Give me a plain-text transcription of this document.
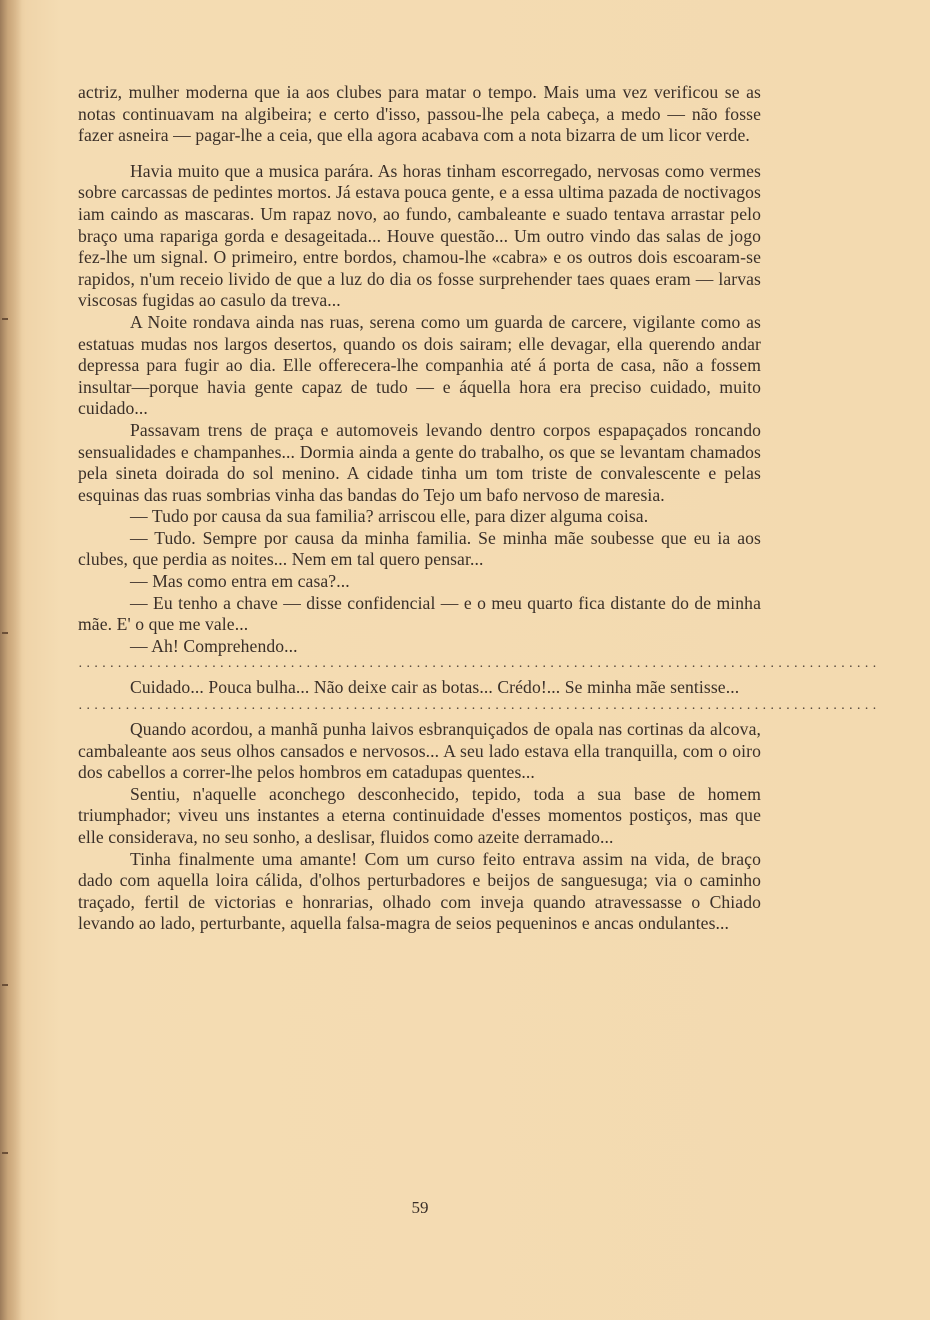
actriz, mulher moderna que ia aos clubes para matar o tempo. Mais uma vez verificou se as notas continuavam na algibeira; e certo d'isso, passou-lhe pela cabeça, a medo — não fosse fazer asneira — pagar-lhe a ceia, que ella agora acabava com a nota bizarra de um licor verde.

Havia muito que a musica parára. As horas tinham escorregado, nervosas como vermes sobre carcassas de pedintes mortos. Já estava pouca gente, e a essa ultima pazada de noctivagos iam caindo as mascaras. Um rapaz novo, ao fundo, cambaleante e suado tentava arrastar pelo braço uma rapariga gorda e desageitada... Houve questão... Um outro vindo das salas de jogo fez-lhe um signal. O primeiro, entre bordos, chamou-lhe «cabra» e os outros dois escoaram-se rapidos, n'um receio livido de que a luz do dia os fosse surprehender taes quaes eram — larvas viscosas fugidas ao casulo da treva...

A Noite rondava ainda nas ruas, serena como um guarda de carcere, vigilante como as estatuas mudas nos largos desertos, quando os dois sairam; elle devagar, ella querendo andar depressa para fugir ao dia. Elle offerecera-lhe companhia até á porta de casa, não a fossem insultar—porque havia gente capaz de tudo — e áquella hora era preciso cuidado, muito cuidado...

Passavam trens de praça e automoveis levando dentro corpos espapaçados roncando sensualidades e champanhes... Dormia ainda a gente do trabalho, os que se levantam chamados pela sineta doirada do sol menino. A cidade tinha um tom triste de convalescente e pelas esquinas das ruas sombrias vinha das bandas do Tejo um bafo nervoso de maresia.

— Tudo por causa da sua familia? arriscou elle, para dizer alguma coisa.

— Tudo. Sempre por causa da minha familia. Se minha mãe soubesse que eu ia aos clubes, que perdia as noites... Nem em tal quero pensar...

— Mas como entra em casa?...

— Eu tenho a chave — disse confidencial — e o meu quarto fica distante do de minha mãe. E' o que me vale...

— Ah! Comprehendo...

······································································································

Cuidado... Pouca bulha... Não deixe cair as botas... Crédo!... Se minha mãe sentisse...

······································································································

Quando acordou, a manhã punha laivos esbranquiçados de opala nas cortinas da alcova, cambaleante aos seus olhos cansados e nervosos... A seu lado estava ella tranquilla, com o oiro dos cabellos a correr-lhe pelos hombros em catadupas quentes...

Sentiu, n'aquelle aconchego desconhecido, tepido, toda a sua base de homem triumphador; viveu uns instantes a eterna continuidade d'esses momentos postiços, mas que elle considerava, no seu sonho, a deslisar, fluidos como azeite derramado...

Tinha finalmente uma amante! Com um curso feito entrava assim na vida, de braço dado com aquella loira cálida, d'olhos perturbadores e beijos de sanguesuga; via o caminho traçado, fertil de victorias e honrarias, olhado com inveja quando atravessasse o Chiado levando ao lado, perturbante, aquella falsa-magra de seios pequeninos e ancas ondulantes...

59
